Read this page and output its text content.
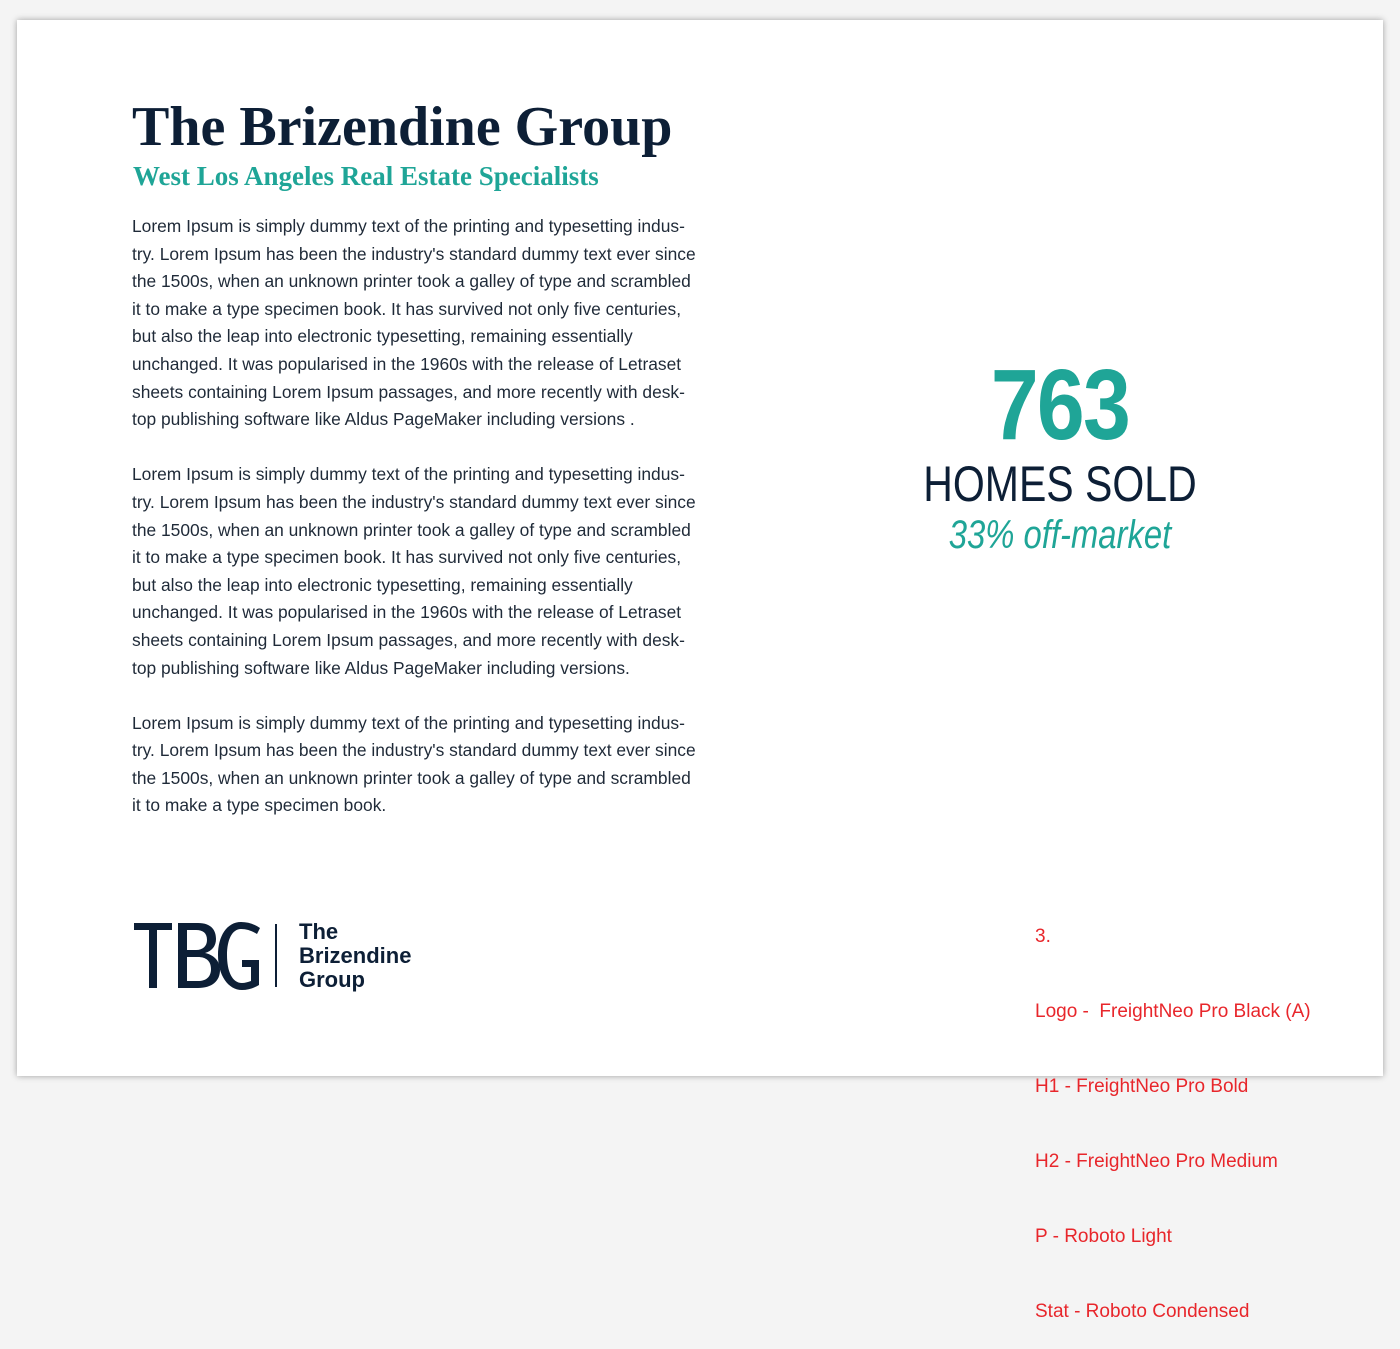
The Brizendine Group
West Los Angeles Real Estate Specialists

Lorem Ipsum is simply dummy text of the printing and typesetting indus-
try. Lorem Ipsum has been the industry's standard dummy text ever since
the 1500s, when an unknown printer took a galley of type and scrambled
it to make a type specimen book. It has survived not only five centuries,
but also the leap into electronic typesetting, remaining essentially
unchanged. It was popularised in the 1960s with the release of Letraset
sheets containing Lorem Ipsum passages, and more recently with desk-
top publishing software like Aldus PageMaker including versions .

Lorem Ipsum is simply dummy text of the printing and typesetting indus-
try. Lorem Ipsum has been the industry's standard dummy text ever since
the 1500s, when an unknown printer took a galley of type and scrambled
it to make a type specimen book. It has survived not only five centuries,
but also the leap into electronic typesetting, remaining essentially
unchanged. It was popularised in the 1960s with the release of Letraset
sheets containing Lorem Ipsum passages, and more recently with desk-
top publishing software like Aldus PageMaker including versions.

Lorem Ipsum is simply dummy text of the printing and typesetting indus-
try. Lorem Ipsum has been the industry's standard dummy text ever since
the 1500s, when an unknown printer took a galley of type and scrambled
it to make a type specimen book.

763
HOMES SOLD
33% off-market
The
Brizendine
Group

3.

Logo -  FreightNeo Pro Black (A)

H1 - FreightNeo Pro Bold

H2 - FreightNeo Pro Medium

P - Roboto Light

Stat - Roboto Condensed
